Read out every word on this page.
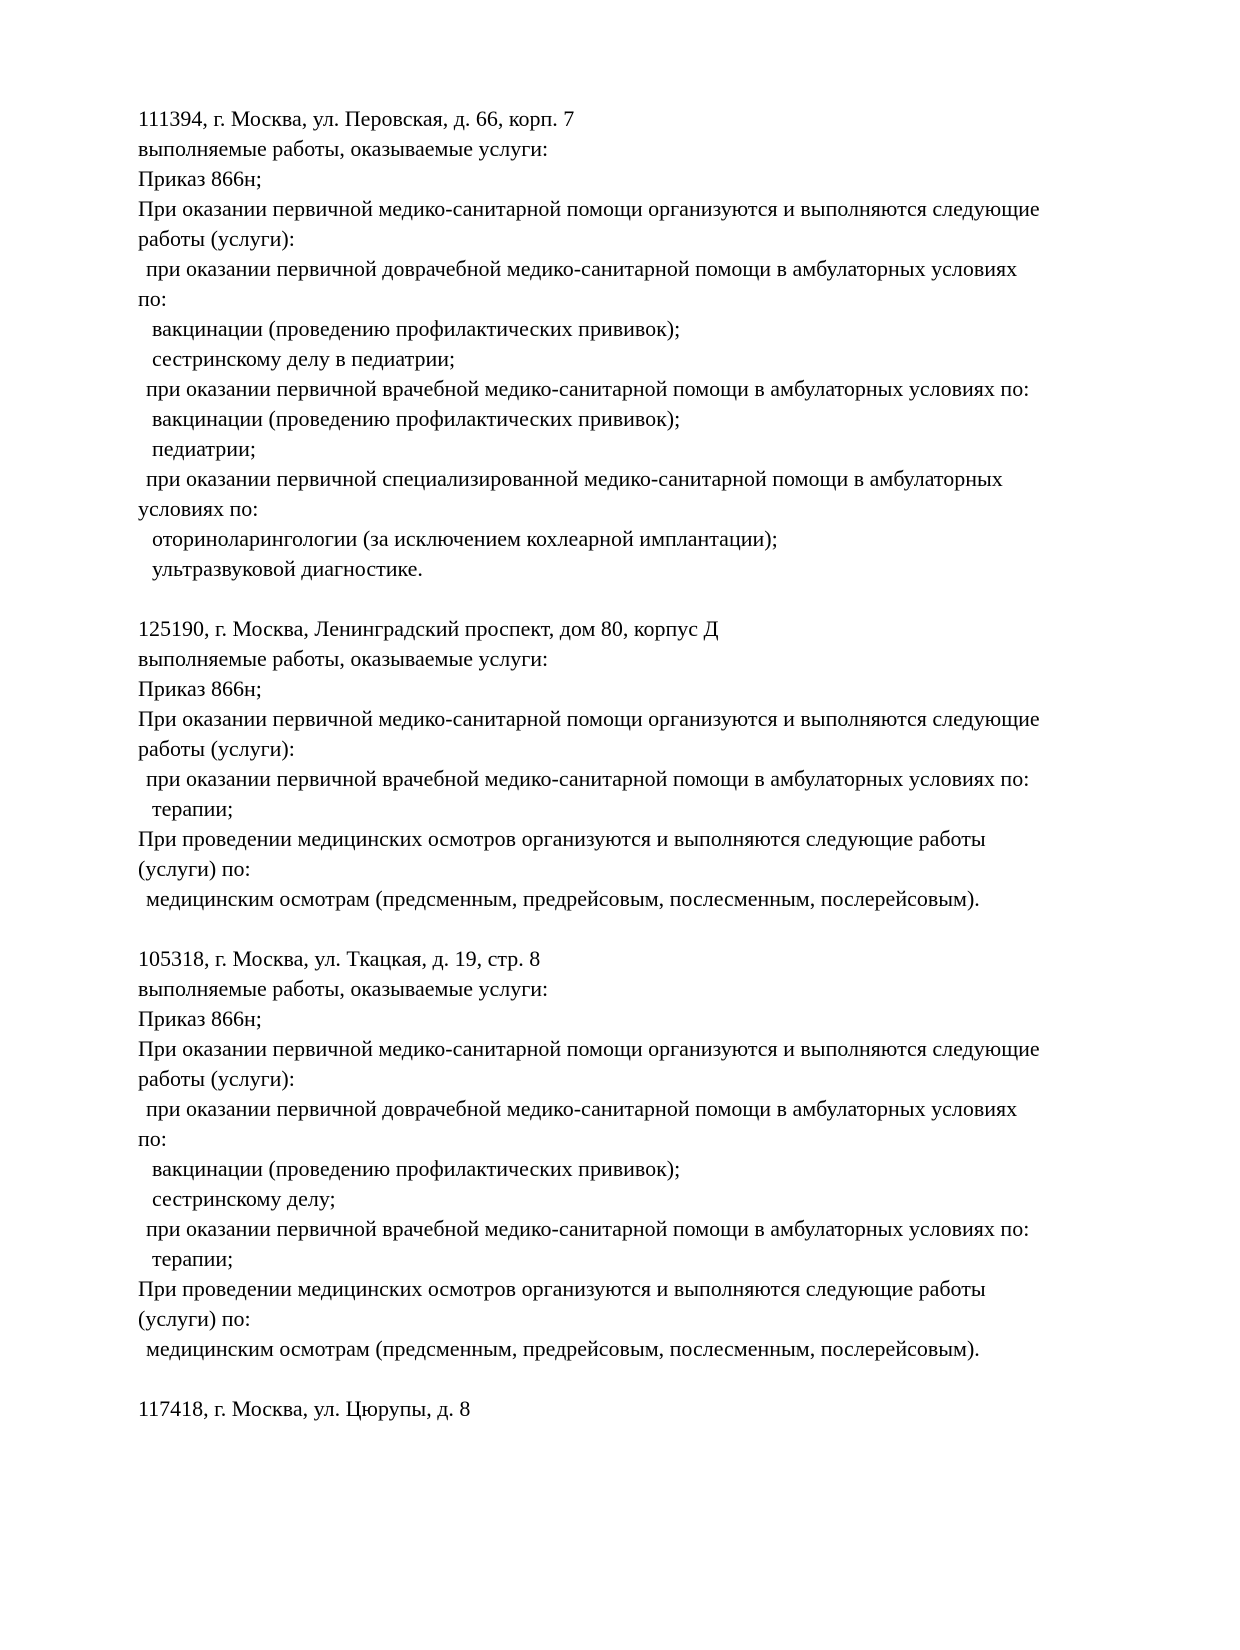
111394, г. Москва, ул. Перовская, д. 66, корп. 7
выполняемые работы, оказываемые услуги:
Приказ 866н;
При оказании первичной медико-санитарной помощи организуются и выполняются следующие
работы (услуги):
при оказании первичной доврачебной медико-санитарной помощи в амбулаторных условиях
по:
вакцинации (проведению профилактических прививок);
сестринскому делу в педиатрии;
при оказании первичной врачебной медико-санитарной помощи в амбулаторных условиях по:
вакцинации (проведению профилактических прививок);
педиатрии;
при оказании первичной специализированной медико-санитарной помощи в амбулаторных
условиях по:
оториноларингологии (за исключением кохлеарной имплантации);
ультразвуковой диагностике.
125190, г. Москва, Ленинградский проспект, дом 80, корпус Д
выполняемые работы, оказываемые услуги:
Приказ 866н;
При оказании первичной медико-санитарной помощи организуются и выполняются следующие
работы (услуги):
при оказании первичной врачебной медико-санитарной помощи в амбулаторных условиях по:
терапии;
При проведении медицинских осмотров организуются и выполняются следующие работы
(услуги) по:
медицинским осмотрам (предсменным, предрейсовым, послесменным, послерейсовым).
105318, г. Москва, ул. Ткацкая, д. 19, стр. 8
выполняемые работы, оказываемые услуги:
Приказ 866н;
При оказании первичной медико-санитарной помощи организуются и выполняются следующие
работы (услуги):
при оказании первичной доврачебной медико-санитарной помощи в амбулаторных условиях
по:
вакцинации (проведению профилактических прививок);
сестринскому делу;
при оказании первичной врачебной медико-санитарной помощи в амбулаторных условиях по:
терапии;
При проведении медицинских осмотров организуются и выполняются следующие работы
(услуги) по:
медицинским осмотрам (предсменным, предрейсовым, послесменным, послерейсовым).
117418, г. Москва, ул. Цюрупы, д. 8
